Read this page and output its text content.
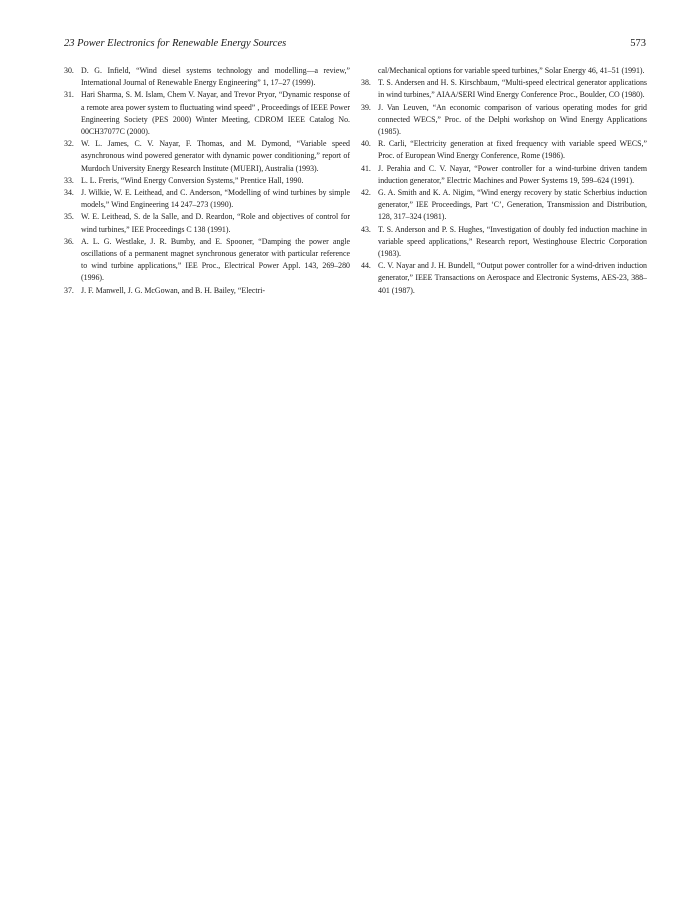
23 Power Electronics for Renewable Energy Sources	573

30. D. G. Infield, “Wind diesel systems technology and modelling—a review,” International Journal of Renewable Energy Engineering” 1, 17–27 (1999).

31. Hari Sharma, S. M. Islam, Chem V. Nayar, and Trevor Pryor, “Dynamic response of a remote area power system to fluctuating wind speed” , Proceedings of IEEE Power Engineering Society (PES 2000) Winter Meeting, CDROM IEEE Catalog No. 00CH37077C (2000).

32. W. L. James, C. V. Nayar, F. Thomas, and M. Dymond, “Variable speed asynchronous wind powered generator with dynamic power conditioning,” report of Murdoch University Energy Research Institute (MUERI), Australia (1993).

33. L. L. Freris, “Wind Energy Conversion Systems,” Prentice Hall, 1990.

34. J. Wilkie, W. E. Leithead, and C. Anderson, “Modelling of wind turbines by simple models,” Wind Engineering 14 247–273 (1990).

35. W. E. Leithead, S. de la Salle, and D. Reardon, “Role and objectives of control for wind turbines,” IEE Proceedings C 138 (1991).

36. A. L. G. Westlake, J. R. Bumby, and E. Spooner, “Damping the power angle oscillations of a permanent magnet synchronous generator with particular reference to wind turbine applications,” IEE Proc., Electrical Power Appl. 143, 269–280 (1996).

37. J. F. Manwell, J. G. McGowan, and B. H. Bailey, “Electri-

cal/Mechanical options for variable speed turbines,” Solar Energy 46, 41–51 (1991).

38. T. S. Andersen and H. S. Kirschbaum, “Multi-speed electrical generator applications in wind turbines,” AIAA/SERI Wind Energy Conference Proc., Boulder, CO (1980).

39. J. Van Leuven, “An economic comparison of various operating modes for grid connected WECS,” Proc. of the Delphi workshop on Wind Energy Applications (1985).

40. R. Carli, “Electricity generation at fixed frequency with variable speed WECS,” Proc. of European Wind Energy Conference, Rome (1986).

41. J. Perahia and C. V. Nayar, “Power controller for a wind-turbine driven tandem induction generator,” Electric Machines and Power Systems 19, 599–624 (1991).

42. G. A. Smith and K. A. Nigim, “Wind energy recovery by static Scherbius induction generator,” IEE Proceedings, Part ‘C’, Generation, Transmission and Distribution, 128, 317–324 (1981).

43. T. S. Anderson and P. S. Hughes, “Investigation of doubly fed induction machine in variable speed applications,” Research report, Westinghouse Electric Corporation (1983).

44. C. V. Nayar and J. H. Bundell, “Output power controller for a wind-driven induction generator,” IEEE Transactions on Aerospace and Electronic Systems, AES-23, 388–401 (1987).
